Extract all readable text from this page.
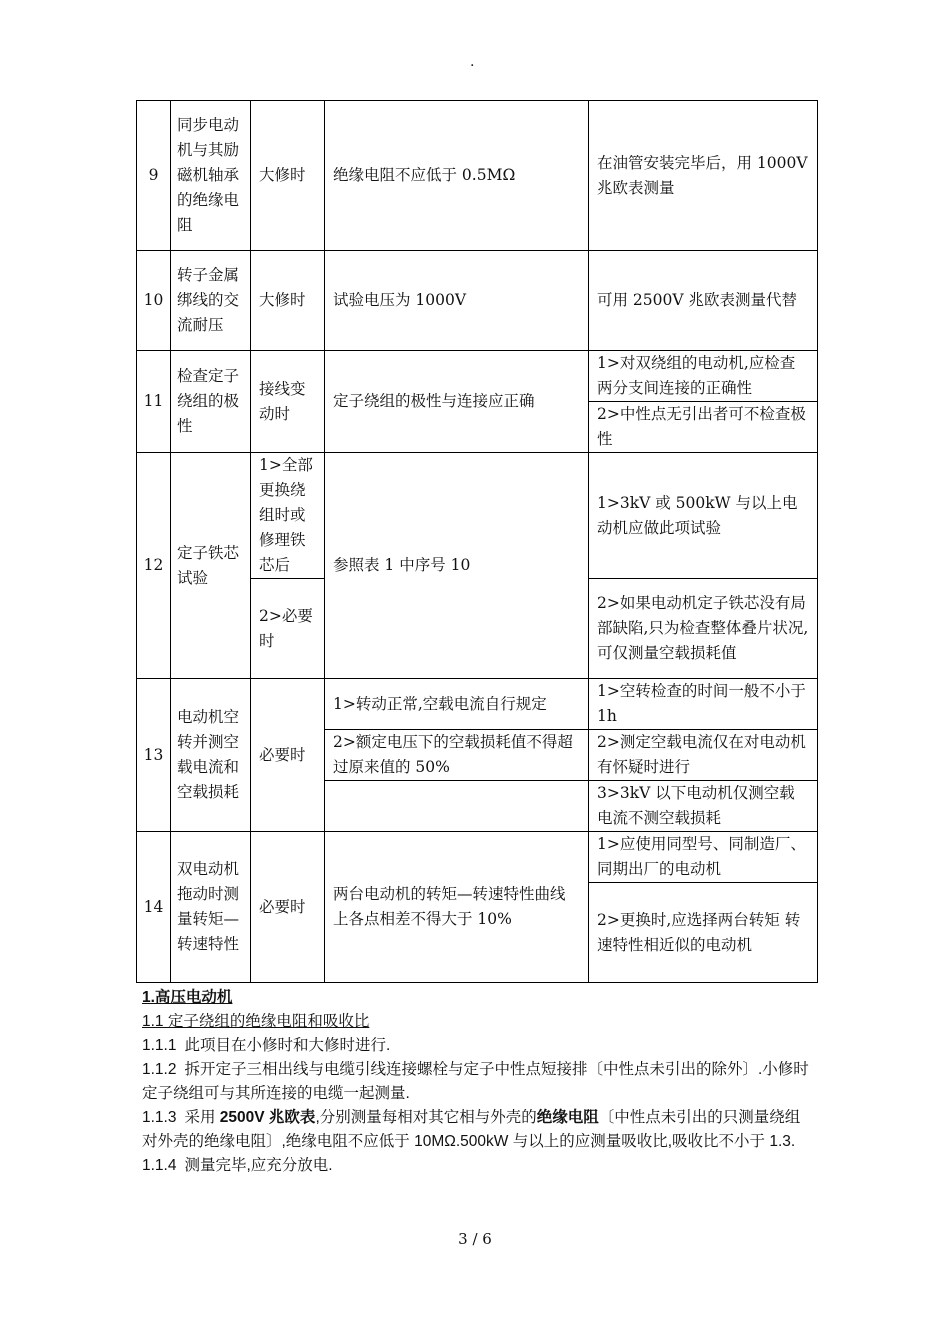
.
9	同步电动机与其励磁机轴承的绝缘电阻	大修时	绝缘电阻不应低于 0.5MΩ	在油管安装完毕后，用 1000V 兆欧表测量
10	转子金属绑线的交流耐压	大修时	试验电压为 1000V	可用 2500V 兆欧表测量代替
11	检查定子绕组的极性	接线变动时	定子绕组的极性与连接应正确	1>对双绕组的电动机,应检查两分支间连接的正确性
				2>中性点无引出者可不检查极性
12	定子铁芯试验	1>全部更换绕组时或修理铁芯后	参照表 1 中序号 10	1>3kV 或 500kW 与以上电动机应做此项试验
		2>必要时		2>如果电动机定子铁芯没有局部缺陷,只为检查整体叠片状况,可仅测量空载损耗值
13	电动机空转并测空载电流和空载损耗	必要时	1>转动正常,空载电流自行规定	1>空转检查的时间一般不小于 1h
			2>额定电压下的空载损耗值不得超过原来值的 50%	2>测定空载电流仅在对电动机有怀疑时进行
				3>3kV 以下电动机仅测空载电流不测空载损耗
14	双电动机拖动时测量转矩—转速特性	必要时	两台电动机的转矩—转速特性曲线上各点相差不得大于 10%	1>应使用同型号、同制造厂、同期出厂的电动机
				2>更换时,应选择两台转矩 转速特性相近似的电动机
1.高压电动机
1.1 定子绕组的绝缘电阻和吸收比

1.1.1 此项目在小修时和大修时进行.

1.1.2 拆开定子三相出线与电缆引线连接螺栓与定子中性点短接排〔中性点未引出的除外〕.小修时定子绕组可与其所连接的电缆一起测量.

1.1.3 采用 2500V 兆欧表,分别测量每相对其它相与外壳的绝缘电阻〔中性点未引出的只测量绕组对外壳的绝缘电阻〕,绝缘电阻不应低于 10MΩ.500kW 与以上的应测量吸收比,吸收比不小于 1.3.

1.1.4 测量完毕,应充分放电.

3 / 6
